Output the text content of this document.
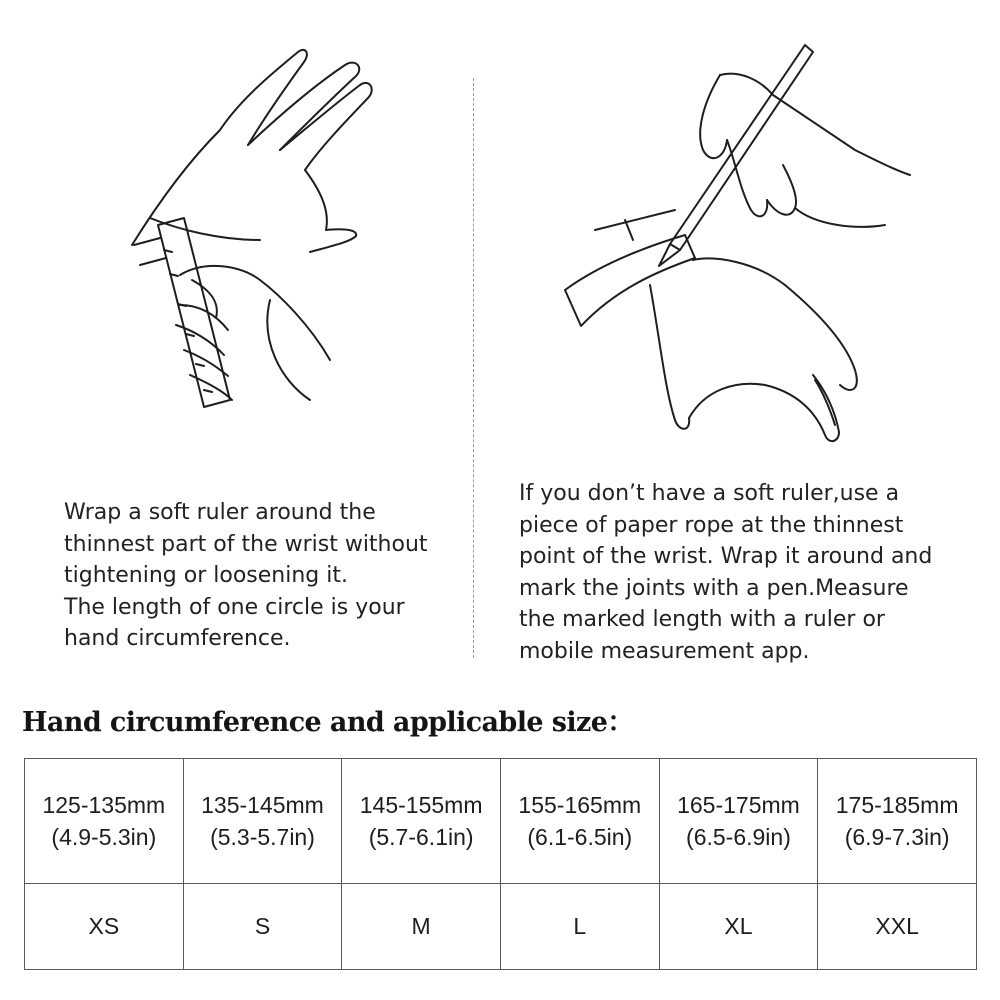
Wrap a soft ruler around the
thinnest part of the wrist without
tightening or loosening it.
The length of one circle is your
hand circumference.
If you don’t have a soft ruler,use a
piece of paper rope at the thinnest
point of the wrist. Wrap it around and
mark the joints with a pen.Measure
the marked length with a ruler or
mobile measurement app.
Hand circumference and applicable size：
125-135mm
(4.9-5.3in)	135-145mm
(5.3-5.7in)	145-155mm
(5.7-6.1in)	155-165mm
(6.1-6.5in)	165-175mm
(6.5-6.9in)	175-185mm
(6.9-7.3in)

XS	S	M	L	XL	XXL
